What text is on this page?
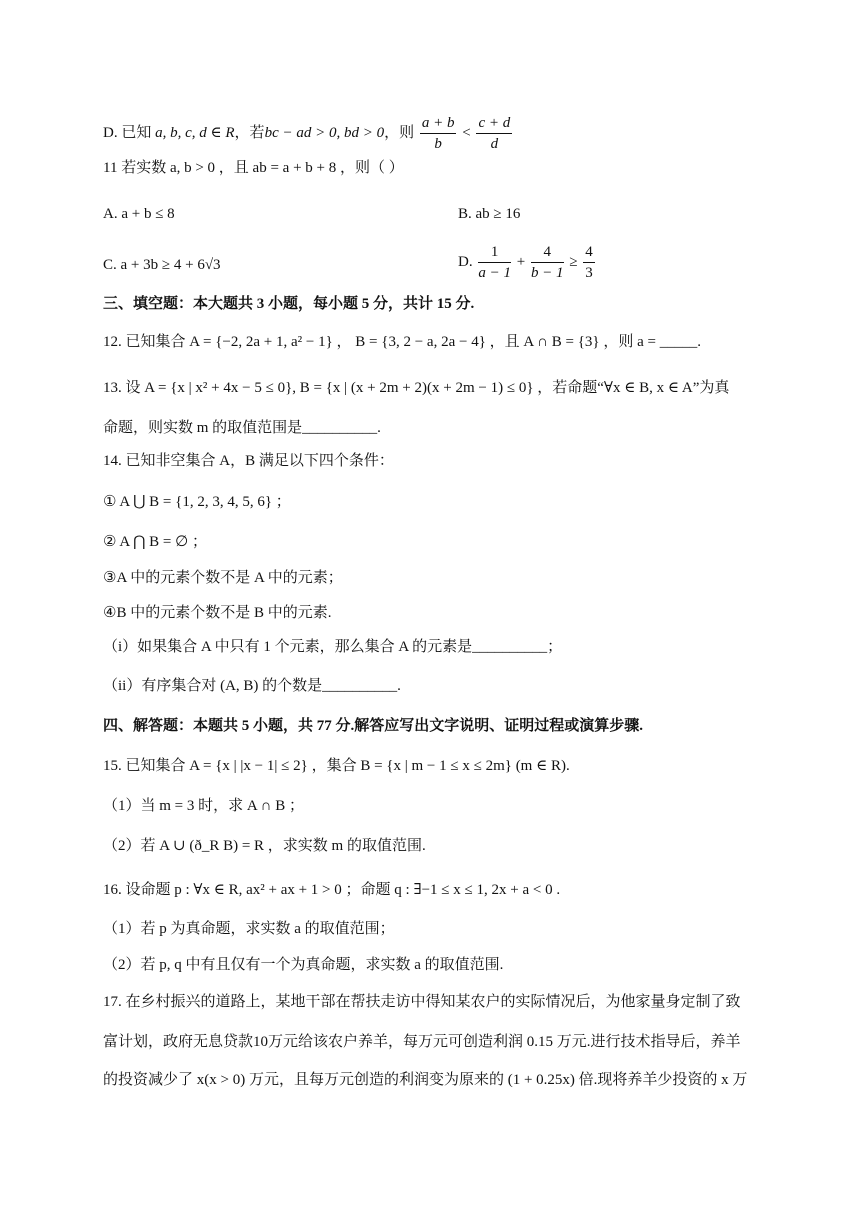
D. 已知 a, b, c, d ∈ R，若bc − ad > 0, bd > 0，则 $\frac{a + b}{b} < \frac{c + d}{d}$
11 若实数 a, b > 0 ，且 ab = a + b + 8 ，则（ ）
A. a + b ≤ 8	B. ab ≥ 16
C. a + 3b ≥ 4 + 6√3	D. $\frac{1}{a - 1} + \frac{4}{b - 1} \ge \frac{4}{3}$
三、填空题：本大题共 3 小题，每小题 5 分，共计 15 分.
12. 已知集合 A = {−2, 2a + 1, a² − 1} ， B = {3, 2 − a, 2a − 4} ，且 A ∩ B = {3} ，则 a = _____.
13. 设 A = {x | x² + 4x − 5 ≤ 0}, B = {x | (x + 2m + 2)(x + 2m − 1) ≤ 0} ，若命题“∀x ∈ B, x ∈ A”为真
命题，则实数 m 的取值范围是__________.
14. 已知非空集合 A，B 满足以下四个条件：
① A ⋃ B = {1, 2, 3, 4, 5, 6} ；
② A ⋂ B = ∅ ；
③A 中的元素个数不是 A 中的元素；
④B 中的元素个数不是 B 中的元素.
（i）如果集合 A 中只有 1 个元素，那么集合 A 的元素是__________；
（ii）有序集合对 (A, B) 的个数是__________.
四、解答题：本题共 5 小题，共 77 分.解答应写出文字说明、证明过程或演算步骤.
15. 已知集合 A = {x | |x − 1| ≤ 2} ，集合 B = {x | m − 1 ≤ x ≤ 2m} (m ∈ R).
（1）当 m = 3 时，求 A ∩ B ；
（2）若 A ∪ (ð_R B) = R ，求实数 m 的取值范围.
16. 设命题 p : ∀x ∈ R, ax² + ax + 1 > 0 ；命题 q : ∃−1 ≤ x ≤ 1, 2x + a < 0 .
（1）若 p 为真命题，求实数 a 的取值范围；
（2）若 p, q 中有且仅有一个为真命题，求实数 a 的取值范围.
17. 在乡村振兴的道路上，某地干部在帮扶走访中得知某农户的实际情况后，为他家量身定制了致
富计划，政府无息贷款10万元给该农户养羊，每万元可创造利润 0.15 万元.进行技术指导后，养羊
的投资减少了 x(x > 0) 万元，且每万元创造的利润变为原来的 (1 + 0.25x) 倍.现将养羊少投资的 x 万
